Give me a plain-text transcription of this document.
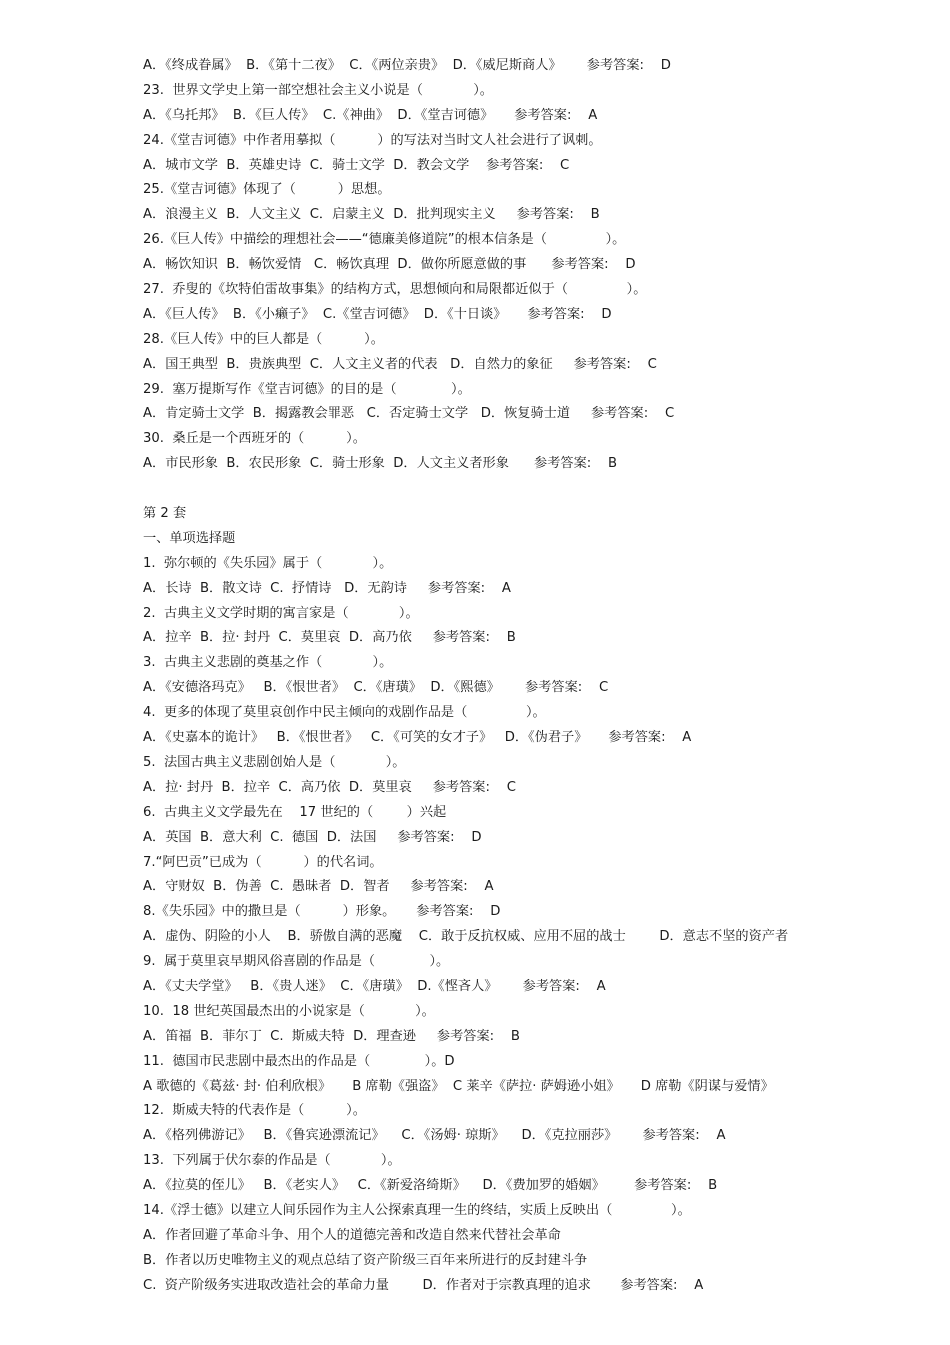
A．《终成眷属》  B．《第十二夜》  C．《两位亲贵》  D．《威尼斯商人》      参考答案:    D
23.  世界文学史上第一部空想社会主义小说是（            ）。
A．《乌托邦》  B．《巨人传》  C.《神曲》  D．《堂吉诃德》     参考答案:    A
24.《堂吉诃德》中作者用摹拟（          ）的写法对当时文人社会进行了讽刺。
A．城市文学  B．英雄史诗  C．骑士文学  D．教会文学    参考答案:    C
25.《堂吉诃德》体现了（          ）思想。
A．浪漫主义  B．人文主义  C．启蒙主义  D．批判现实主义     参考答案:    B
26.《巨人传》中描绘的理想社会——“德廉美修道院”的根本信条是（              ）。
A．畅饮知识  B．畅饮爱情   C．畅饮真理  D．做你所愿意做的事      参考答案:    D
27.  乔叟的《坎特伯雷故事集》的结构方式，思想倾向和局限都近似于（              ）。
A．《巨人传》  B．《小癞子》  C.《堂吉诃德》  D．《十日谈》     参考答案:    D
28.《巨人传》中的巨人都是（          ）。
A．国王典型  B．贵族典型  C．人文主义者的代表   D．自然力的象征     参考答案:    C
29.  塞万提斯写作《堂吉诃德》的目的是（             ）。
A．肯定骑士文学  B．揭露教会罪恶   C．否定骑士文学   D．恢复骑士道     参考答案:    C
30.  桑丘是一个西班牙的（          ）。
A．市民形象  B．农民形象  C．骑士形象  D．人文主义者形象      参考答案:    B
第 2 套
一、单项选择题
1.  弥尔顿的《失乐园》属于（            ）。
A．长诗  B．散文诗  C.  抒情诗   D．无韵诗     参考答案:    A
2.  古典主义文学时期的寓言家是（            ）。
A．拉辛  B．拉· 封丹  C．莫里哀  D．高乃依     参考答案:    B
3.  古典主义悲剧的奠基之作（            ）。
A．《安德洛玛克》   B．《恨世者》  C．《唐璜》  D．《熙德》      参考答案:    C
4.  更多的体现了莫里哀创作中民主倾向的戏剧作品是（              ）。
A．《史嘉本的诡计》   B．《恨世者》   C．《可笑的女才子》   D．《伪君子》     参考答案:    A
5.  法国古典主义悲剧创始人是（            ）。
A．拉· 封丹  B．拉辛  C．高乃依  D．莫里哀     参考答案:    C
6.  古典主义文学最先在    17 世纪的（        ）兴起
A．英国  B．意大利  C.  德国  D．法国     参考答案:    D
7.“阿巴贡”已成为（          ）的代名词。
A．守财奴  B．伪善  C.  愚昧者  D．智者     参考答案:    A
8.《失乐园》中的撒旦是（          ）形象。     参考答案:    D
A．虚伪、阴险的小人    B．骄傲自满的恶魔    C．敢于反抗权威、应用不屈的战士        D．意志不坚的资产者
9.  属于莫里哀早期风俗喜剧的作品是（             ）。
A．《丈夫学堂》   B．《贵人迷》  C．《唐璜》  D.《悭吝人》      参考答案:    A
10.  18 世纪英国最杰出的小说家是（            ）。
A．笛福  B．菲尔丁  C.  斯威夫特  D．理查逊     参考答案:    B
11.  德国市民悲剧中最杰出的作品是（             ）。D
A 歌德的《葛兹· 封· 伯利欣根》     B 席勒《强盗》  C 莱辛《萨拉· 萨姆逊小姐》     D 席勒《阴谋与爱情》
12.  斯威夫特的代表作是（          ）。
A．《格列佛游记》   B．《鲁宾逊漂流记》    C．《汤姆· 琼斯》    D．《克拉丽莎》      参考答案:    A
13.  下列属于伏尔泰的作品是（            ）。
A．《拉莫的侄儿》   B．《老实人》   C．《新爱洛绮斯》    D．《费加罗的婚姻》       参考答案:    B
14.《浮士德》以建立人间乐园作为主人公探索真理一生的终结，实质上反映出（              ）。
A．作者回避了革命斗争、用个人的道德完善和改造自然来代替社会革命
B．作者以历史唯物主义的观点总结了资产阶级三百年来所进行的反封建斗争
C.  资产阶级务实进取改造社会的革命力量        D．作者对于宗教真理的追求       参考答案:    A
